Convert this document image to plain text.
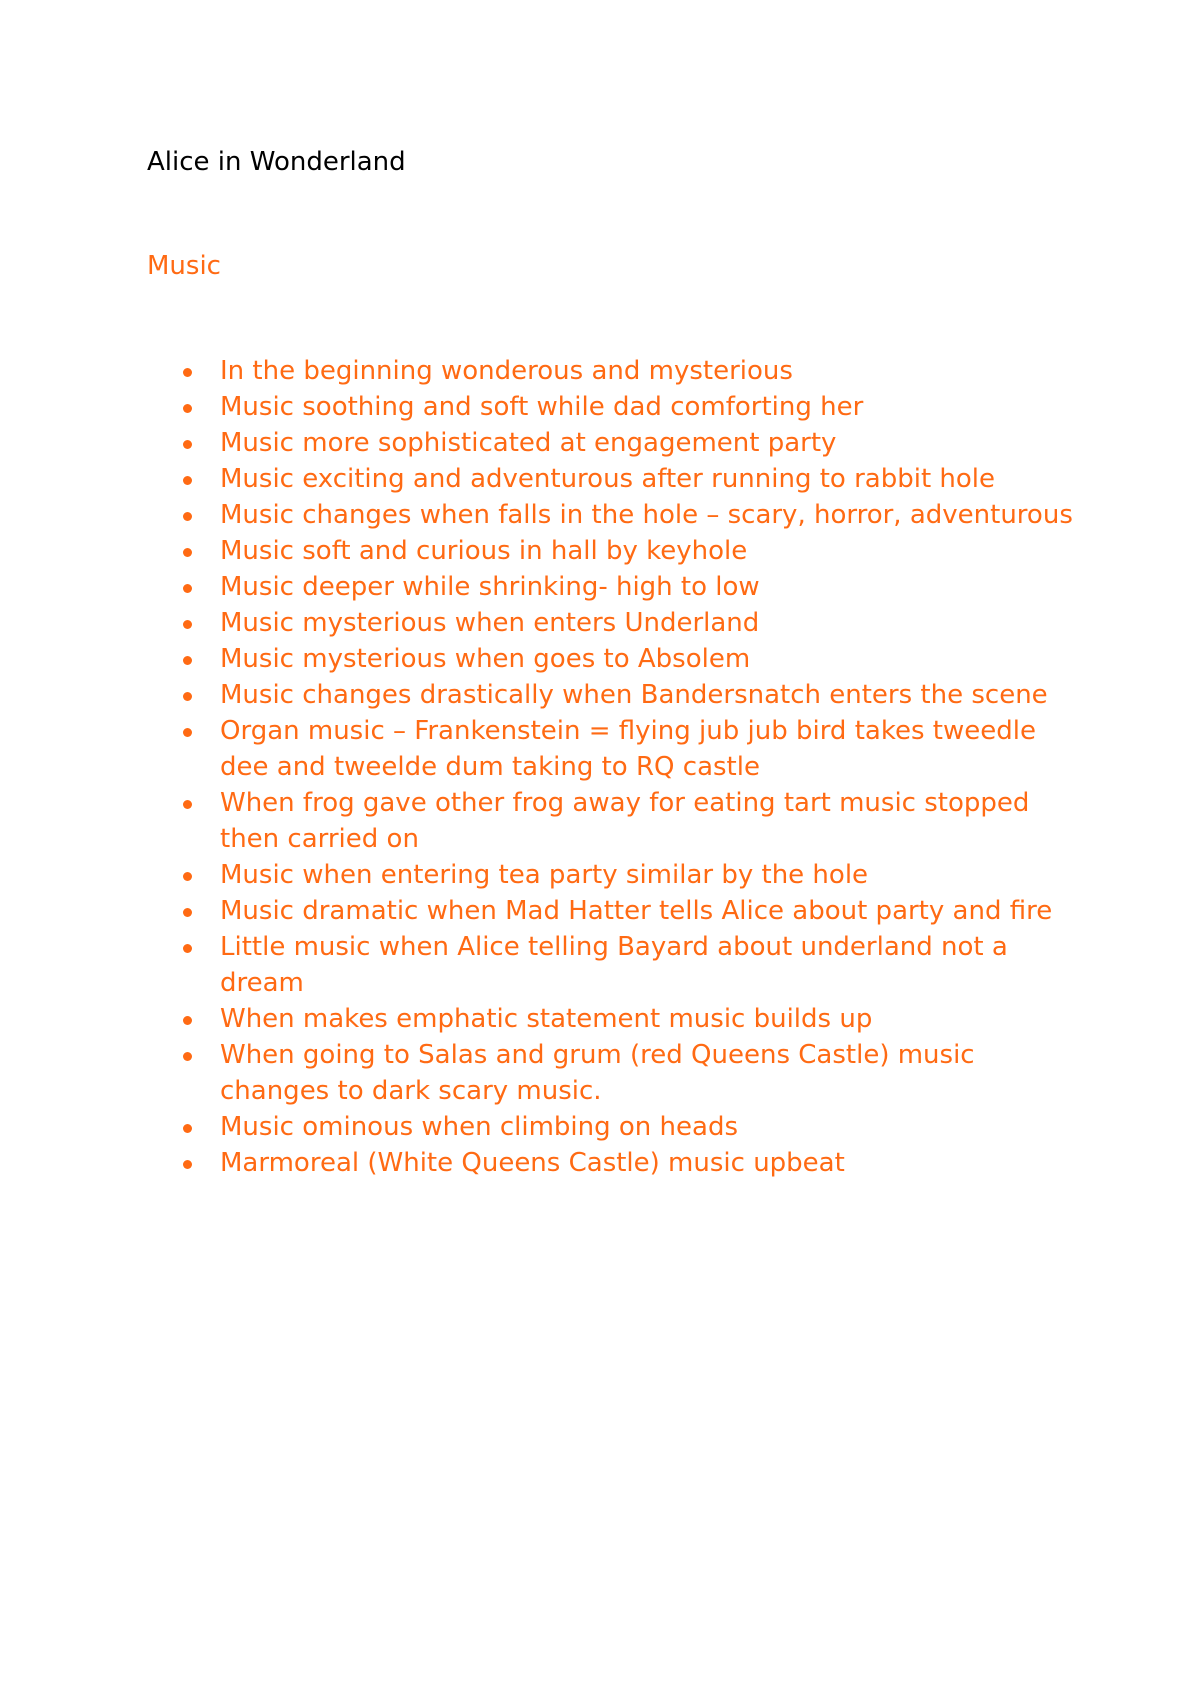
Alice in Wonderland
Music
In the beginning wonderous and mysterious
Music soothing and soft while dad comforting her
Music more sophisticated at engagement party
Music exciting and adventurous after running to rabbit hole
Music changes when falls in the hole – scary, horror, adventurous
Music soft and curious in hall by keyhole
Music deeper while shrinking- high to low
Music mysterious when enters Underland
Music mysterious when goes to Absolem
Music changes drastically when Bandersnatch enters the scene
Organ music – Frankenstein = flying jub jub bird takes tweedle dee and tweelde dum taking to RQ castle
When frog gave other frog away for eating tart music stopped then carried on
Music when entering tea party similar by the hole
Music dramatic when Mad Hatter tells Alice about party and fire
Little music when Alice telling Bayard about underland not a dream
When makes emphatic statement music builds up
When going to Salas and grum (red Queens Castle) music changes to dark scary music.
Music ominous when climbing on heads
Marmoreal (White Queens Castle) music upbeat
